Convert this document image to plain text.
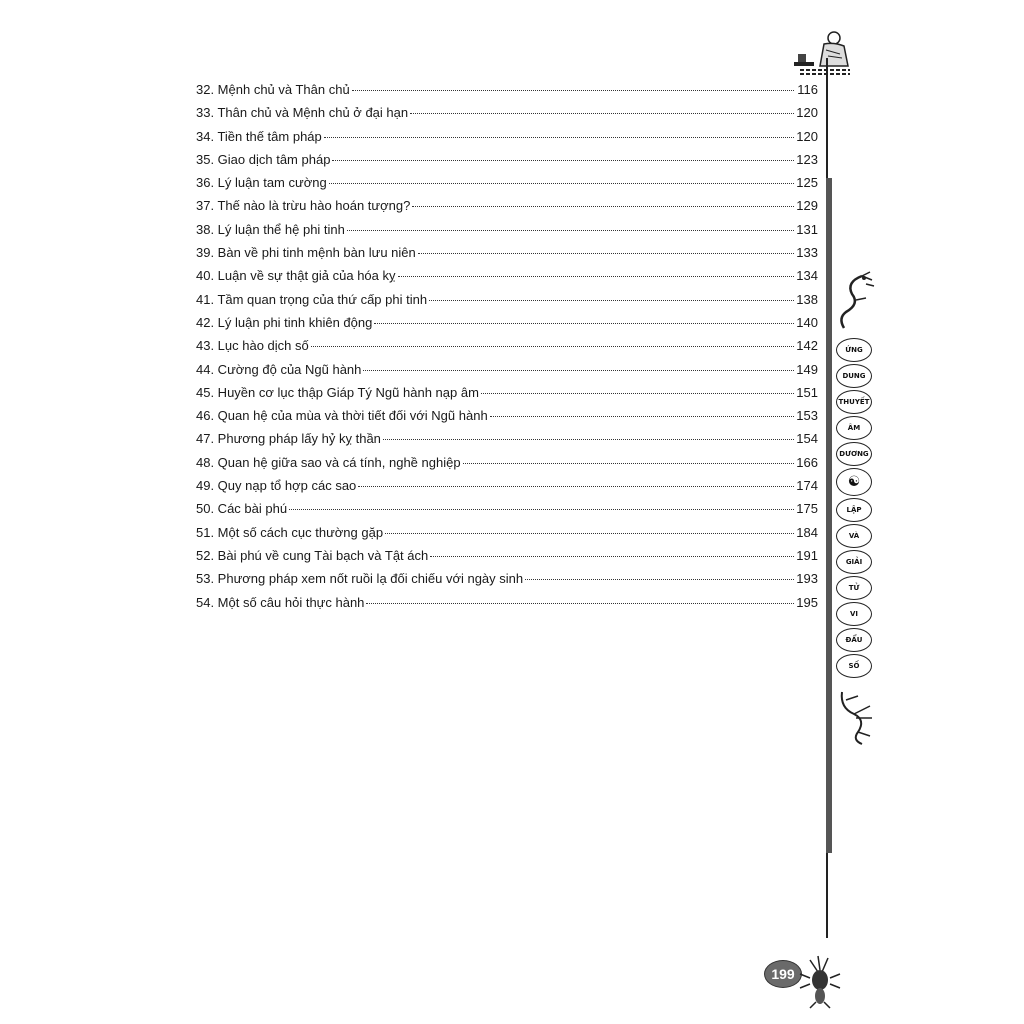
32. Mệnh chủ và Thân chủ	116
33. Thân chủ và Mệnh chủ ở đại hạn	120
34. Tiền thế tâm pháp	120
35. Giao dịch tâm pháp	123
36. Lý luận tam cường	125
37. Thế nào là trừu hào hoán tượng?	129
38. Lý luận thể hệ phi tinh	131
39. Bàn về phi tinh mệnh bàn lưu niên	133
40. Luận về sự thật giả của hóa kỵ	134
41. Tầm quan trọng của thứ cấp phi tinh	138
42. Lý luận phi tinh khiên động	140
43. Lục hào dịch số	142
44. Cường độ của Ngũ hành	149
45. Huyền cơ lục thập Giáp Tý Ngũ hành nạp âm	151
46. Quan hệ của mùa và thời tiết đối với Ngũ hành	153
47. Phương pháp lấy hỷ kỵ thần	154
48. Quan hệ giữa sao và cá tính, nghề nghiệp	166
49. Quy nạp tổ hợp các sao	174
50. Các bài phú	175
51. Một số cách cục thường gặp	184
52. Bài phú về cung Tài bạch và Tật ách	191
53. Phương pháp xem nốt ruồi lạ đối chiếu với ngày sinh	193
54. Một số câu hỏi thực hành	195
ỨNG
DUNG
THUYẾT
ÂM
DƯƠNG
☯
LẬP
VÀ
GIẢI
TỬ
VI
ĐẨU
SỐ
199
